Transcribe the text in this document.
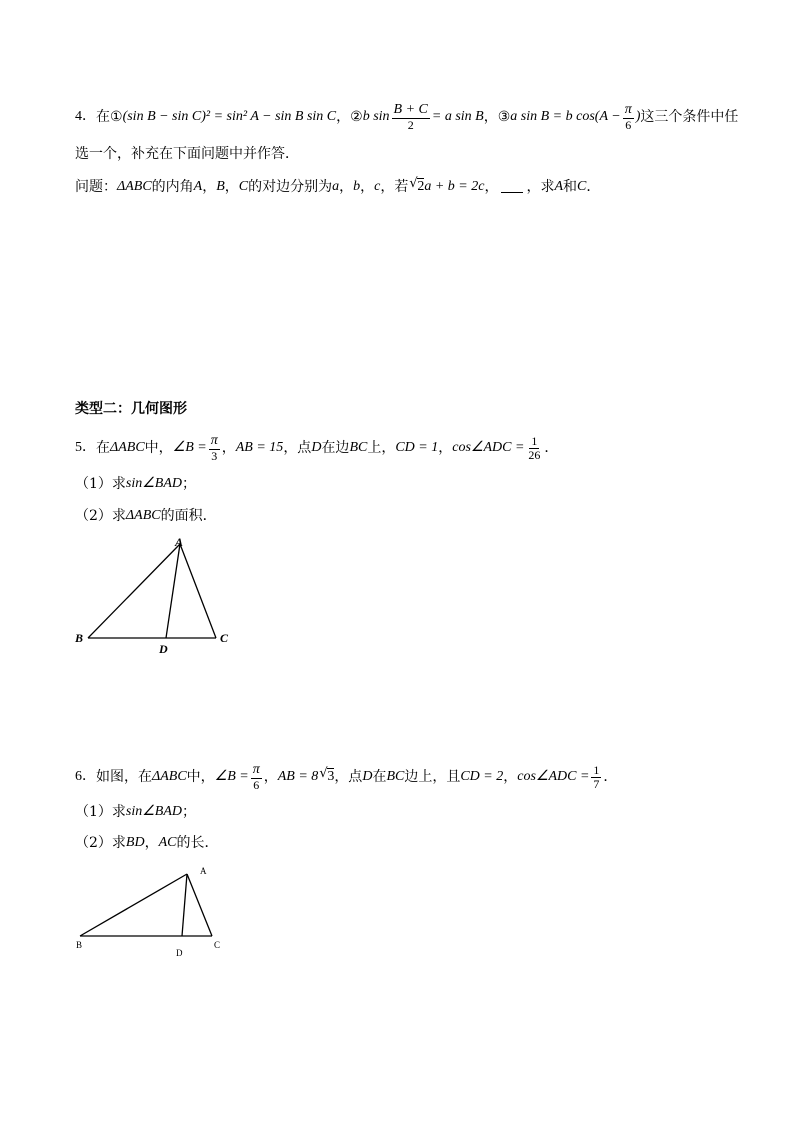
4 ． 在 ① (sin B − sin C)² = sin² A − sin B sin C ， ② b $\sin \frac{B + C}{2} = a$ sin B ， ③ a sin B = b $\cos(A - \frac{\pi}{6}$ ) 这三个条件中任
选一个，补充在下面问题中并作答．
问题： ΔABC 的内角 A ， B ， C 的对边分别为 a ， b ， c ，若 √ 2 a + b = 2c ， ，求 A 和 C ．
类型二：几何图形
5 ． 在 ΔABC 中， ∠B = $\frac{\pi}{3}$ ， AB = 15 ，点 D 在边 BC 上， CD = 1 ， cos∠ADC = $\frac{1}{26}$ ．
（1）求 sin∠BAD ；
（2）求 ΔABC 的面积．
A
B	C
D
6 ． 如图，在 ΔABC 中， ∠B = $\frac{\pi}{6}$ ， AB = 8 √ 3 ，点 D 在 BC 边上，且 CD = 2 ， cos∠ADC = $\frac{1}{7}$ ．
（1）求 sin∠BAD ；
（2）求 BD ， AC 的长．
A
B	C
D
